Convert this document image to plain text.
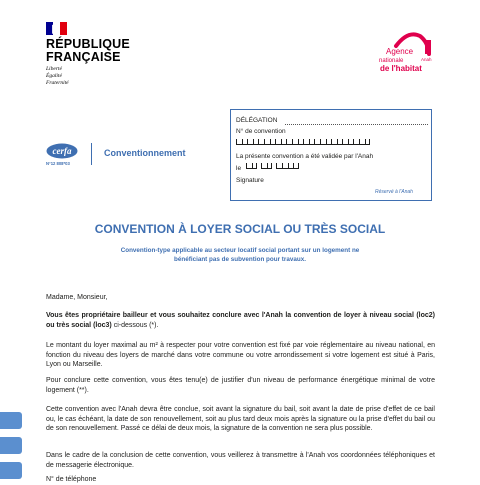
RÉPUBLIQUE
FRANÇAISE
Liberté
Égalité
Fraternité
Agence
nationale	Anah
de l'habitat
DÉLÉGATION
N° de convention
La présente convention a été validée par l'Anah
le
Signature
Réservé à l'Anah
cerfa
N°12 808*03
Conventionnement
CONVENTION À LOYER SOCIAL OU TRÈS SOCIAL
Convention-type applicable au secteur locatif social portant sur un logement ne bénéficiant pas de subvention pour travaux.
Madame, Monsieur,
Vous êtes propriétaire bailleur et vous souhaitez conclure avec l'Anah la convention de loyer à niveau social (loc2) ou très social (loc3) ci-dessous (*).
Le montant du loyer maximal au m² à respecter pour votre convention est fixé par voie réglementaire au niveau national, en fonction du niveau des loyers de marché dans votre commune ou votre arrondissement si votre logement est situé à Paris, Lyon ou Marseille.
Pour conclure cette convention, vous êtes tenu(e) de justifier d'un niveau de performance énergétique minimal de votre logement (**).
Cette convention avec l'Anah devra être conclue, soit avant la signature du bail, soit avant la date de prise d'effet de ce bail ou, le cas échéant, la date de son renouvellement, soit au plus tard deux mois après la signature ou la prise d'effet du bail ou de son renouvellement. Passé ce délai de deux mois, la signature de la convention ne sera plus possible.
Dans le cadre de la conclusion de cette convention, vous veillerez à transmettre à l'Anah vos coordonnées téléphoniques et de messagerie électronique.
N° de téléphone
